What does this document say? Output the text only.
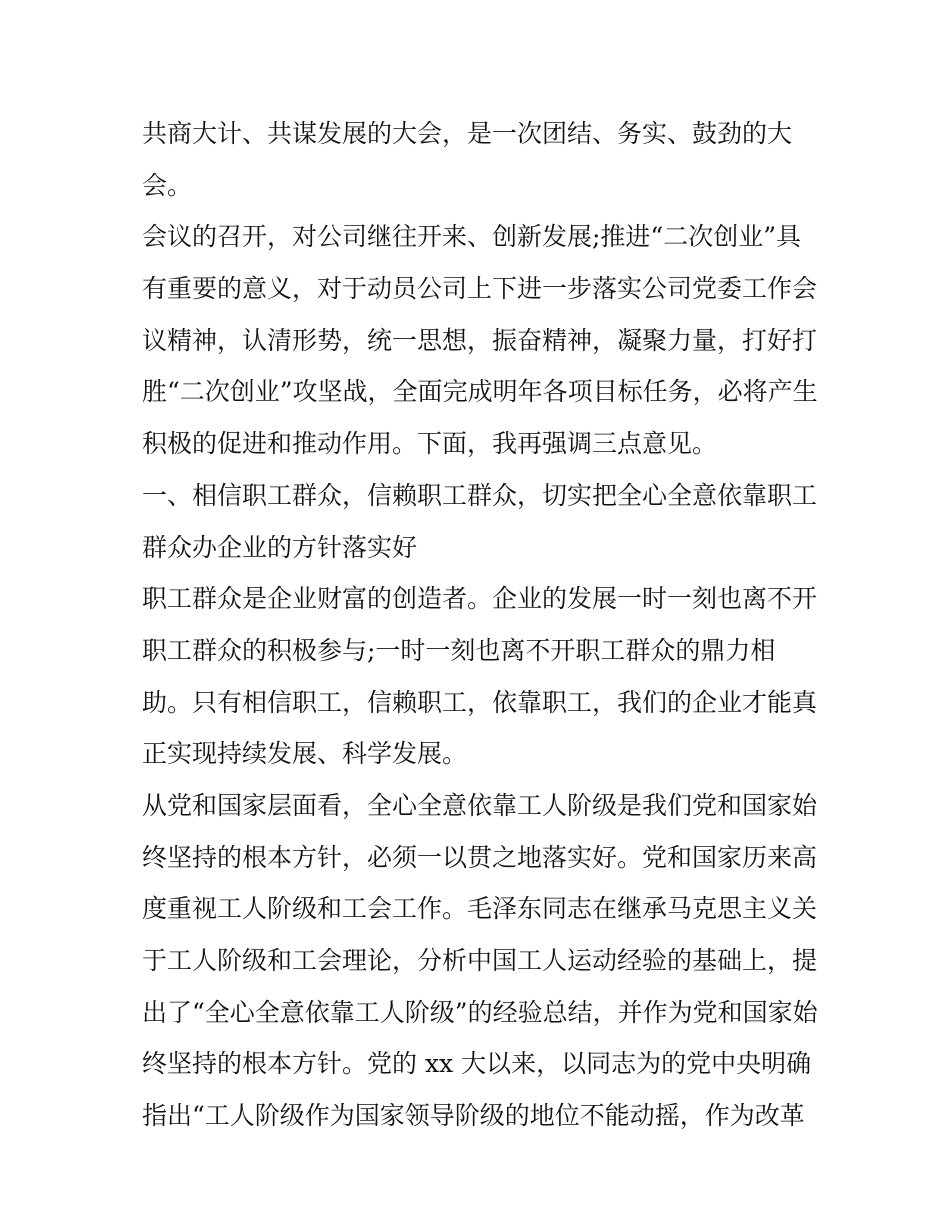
共商大计、共谋发展的大会，是一次团结、务实、鼓劲的大
会。
会议的召开，对公司继往开来、创新发展;推进“二次创业”具
有重要的意义，对于动员公司上下进一步落实公司党委工作会
议精神，认清形势，统一思想，振奋精神，凝聚力量，打好打
胜“二次创业”攻坚战，全面完成明年各项目标任务，必将产生
积极的促进和推动作用。下面，我再强调三点意见。
一、相信职工群众，信赖职工群众，切实把全心全意依靠职工
群众办企业的方针落实好
职工群众是企业财富的创造者。企业的发展一时一刻也离不开
职工群众的积极参与;一时一刻也离不开职工群众的鼎力相
助。只有相信职工，信赖职工，依靠职工，我们的企业才能真
正实现持续发展、科学发展。
从党和国家层面看，全心全意依靠工人阶级是我们党和国家始
终坚持的根本方针，必须一以贯之地落实好。党和国家历来高
度重视工人阶级和工会工作。毛泽东同志在继承马克思主义关
于工人阶级和工会理论，分析中国工人运动经验的基础上，提
出了“全心全意依靠工人阶级”的经验总结，并作为党和国家始
终坚持的根本方针。党的 xx 大以来，以同志为的党中央明确
指出“工人阶级作为国家领导阶级的地位不能动摇，作为改革
